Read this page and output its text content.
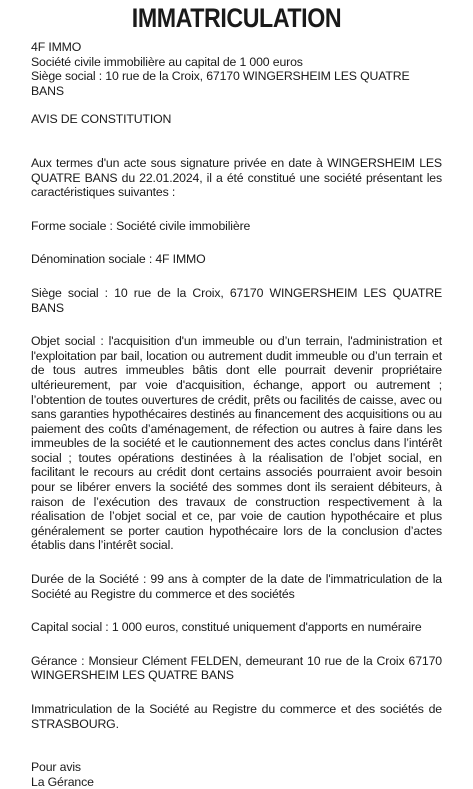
IMMATRICULATION

4F IMMO

Société civile immobilière au capital de 1 000 euros

Siège social : 10 rue de la Croix, 67170 WINGERSHEIM LES QUATRE BANS

AVIS DE CONSTITUTION

Aux termes d'un acte sous signature privée en date à WINGERSHEIM LES QUATRE BANS du 22.01.2024, il a été constitué une société présentant les caractéristiques suivantes :

Forme sociale : Société civile immobilière

Dénomination sociale : 4F IMMO

Siège social : 10 rue de la Croix, 67170 WINGERSHEIM LES QUATRE BANS

Objet social : l'acquisition d'un immeuble ou d’un terrain, l'administration et l'exploitation par bail, location ou autrement dudit immeuble ou d’un terrain et de tous autres immeubles bâtis dont elle pourrait devenir propriétaire ultérieurement, par voie d'acquisition, échange, apport ou autrement ; l’obtention de toutes ouvertures de crédit, prêts ou facilités de caisse, avec ou sans garanties hypothécaires destinés au financement des acquisitions ou au paiement des coûts d’aménagement, de réfection ou autres à faire dans les immeubles de la société et le cautionnement des actes conclus dans l’intérêt social ; toutes opérations destinées à la réalisation de l’objet social, en facilitant le recours au crédit dont certains associés pourraient avoir besoin pour se libérer envers la société des sommes dont ils seraient débiteurs, à raison de l’exécution des travaux de construction respectivement à la réalisation de l’objet social et ce, par voie de caution hypothécaire et plus généralement se porter caution hypothécaire lors de la conclusion d’actes établis dans l’intérêt social.

Durée de la Société : 99 ans à compter de la date de l'immatriculation de la Société au Registre du commerce et des sociétés

Capital social : 1 000 euros, constitué uniquement d'apports en numéraire

Gérance : Monsieur Clément FELDEN, demeurant 10 rue de la Croix 67170 WINGERSHEIM LES QUATRE BANS

Immatriculation de la Société au Registre du commerce et des sociétés de STRASBOURG.

Pour avis

La Gérance
